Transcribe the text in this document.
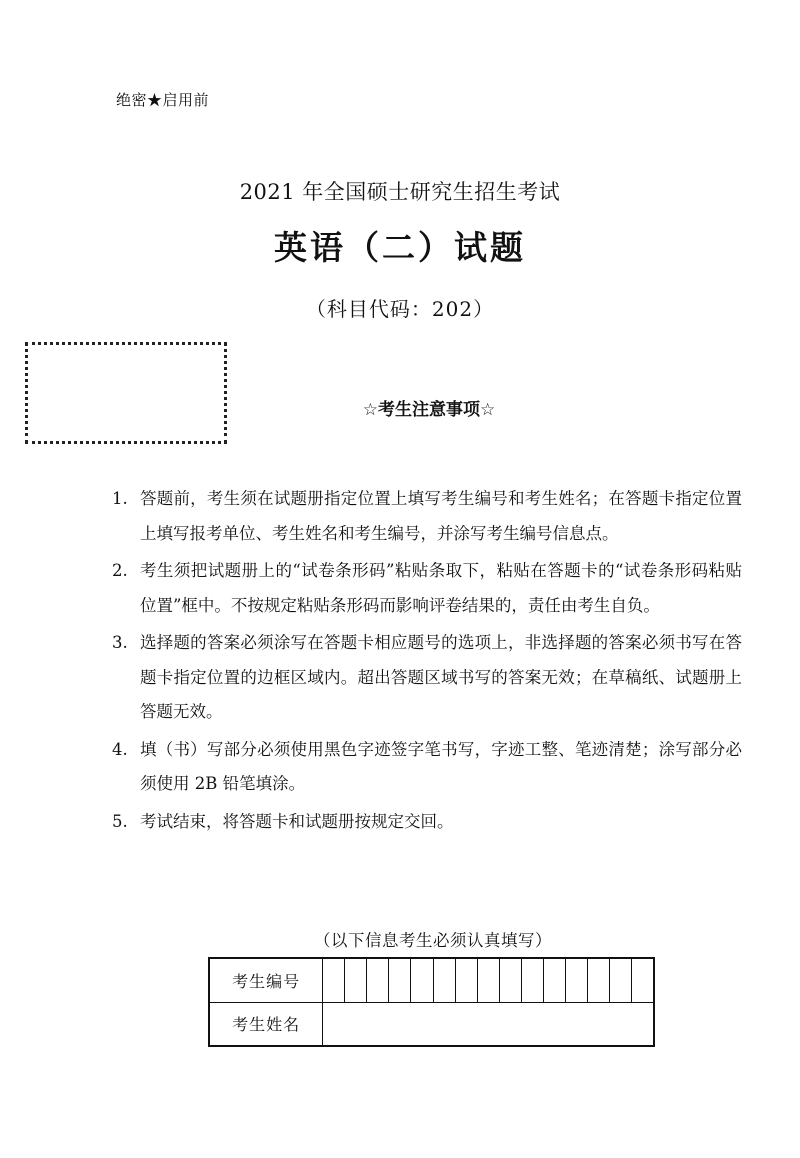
绝密★启用前
2021 年全国硕士研究生招生考试
英语（二）试题
（科目代码：202）
☆考生注意事项☆
1. 答题前，考生须在试题册指定位置上填写考生编号和考生姓名；在答题卡指定位置上填写报考单位、考生姓名和考生编号，并涂写考生编号信息点。
2. 考生须把试题册上的“试卷条形码”粘贴条取下，粘贴在答题卡的“试卷条形码粘贴位置”框中。不按规定粘贴条形码而影响评卷结果的，责任由考生自负。
3. 选择题的答案必须涂写在答题卡相应题号的选项上，非选择题的答案必须书写在答题卡指定位置的边框区域内。超出答题区域书写的答案无效；在草稿纸、试题册上答题无效。
4. 填（书）写部分必须使用黑色字迹签字笔书写，字迹工整、笔迹清楚；涂写部分必须使用 2B 铅笔填涂。
5. 考试结束，将答题卡和试题册按规定交回。
（以下信息考生必须认真填写）
考生编号															
考生姓名															
